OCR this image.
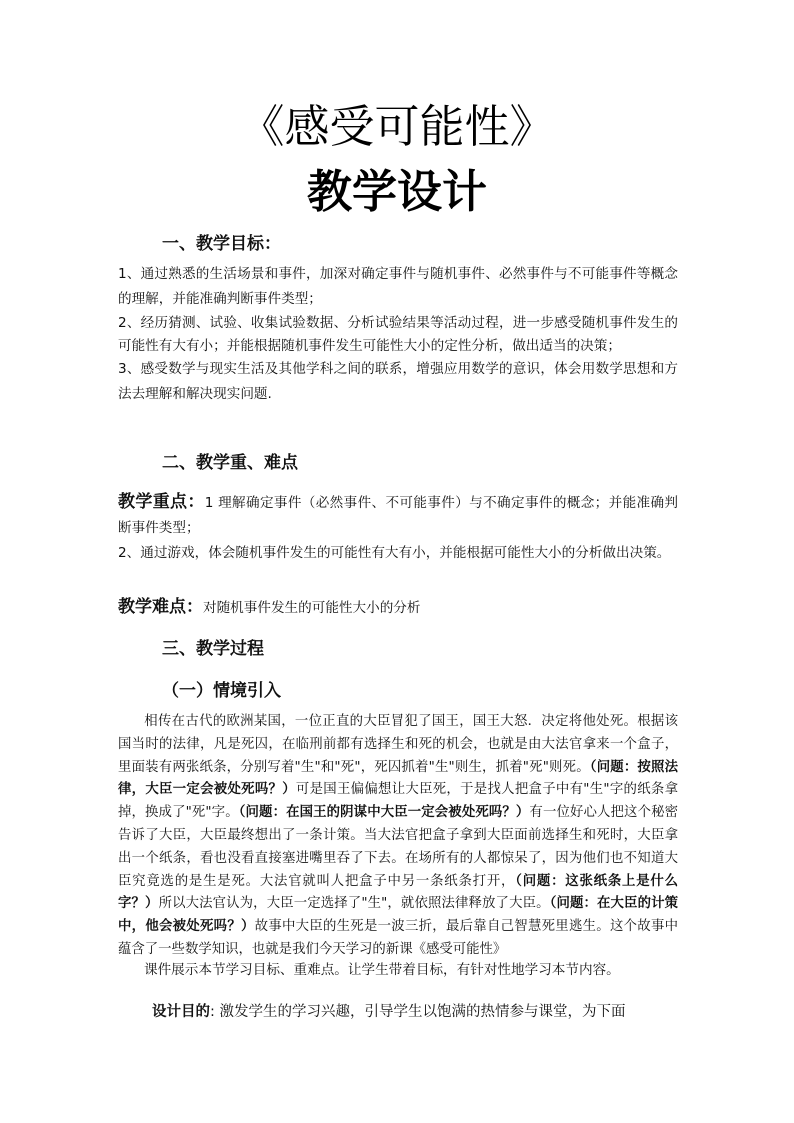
《感受可能性》
教学设计
一、教学目标：
1、通过熟悉的生活场景和事件，加深对确定事件与随机事件、必然事件与不可能事件等概念的理解，并能准确判断事件类型；
2、经历猜测、试验、收集试验数据、分析试验结果等活动过程，进一步感受随机事件发生的可能性有大有小；并能根据随机事件发生可能性大小的定性分析，做出适当的决策；
3、感受数学与现实生活及其他学科之间的联系，增强应用数学的意识，体会用数学思想和方法去理解和解决现实问题.
二、教学重、难点
教学重点：1 理解确定事件（必然事件、不可能事件）与不确定事件的概念；并能准确判断事件类型；
2、通过游戏，体会随机事件发生的可能性有大有小，并能根据可能性大小的分析做出决策。
教学难点：对随机事件发生的可能性大小的分析
三、教学过程
（一）情境引入
相传在古代的欧洲某国，一位正直的大臣冒犯了国王，国王大怒．决定将他处死。根据该国当时的法律，凡是死囚，在临刑前都有选择生和死的机会，也就是由大法官拿来一个盒子，里面装有两张纸条，分别写着"生"和"死"，死囚抓着"生"则生，抓着"死"则死。（问题：按照法律，大臣一定会被处死吗？）可是国王偏偏想让大臣死，于是找人把盒子中有"生"字的纸条拿掉，换成了"死"字。（问题：在国王的阴谋中大臣一定会被处死吗？）有一位好心人把这个秘密告诉了大臣，大臣最终想出了一条计策。当大法官把盒子拿到大臣面前选择生和死时，大臣拿出一个纸条，看也没看直接塞进嘴里吞了下去。在场所有的人都惊呆了，因为他们也不知道大臣究竟选的是生是死。大法官就叫人把盒子中另一条纸条打开，（问题：这张纸条上是什么字？）所以大法官认为，大臣一定选择了"生"，就依照法律释放了大臣。（问题：在大臣的计策中，他会被处死吗？）故事中大臣的生死是一波三折，最后靠自己智慧死里逃生。这个故事中蕴含了一些数学知识，也就是我们今天学习的新课《感受可能性》
课件展示本节学习目标、重难点。让学生带着目标，有针对性地学习本节内容。
设计目的: 激发学生的学习兴趣，引导学生以饱满的热情参与课堂，为下面
